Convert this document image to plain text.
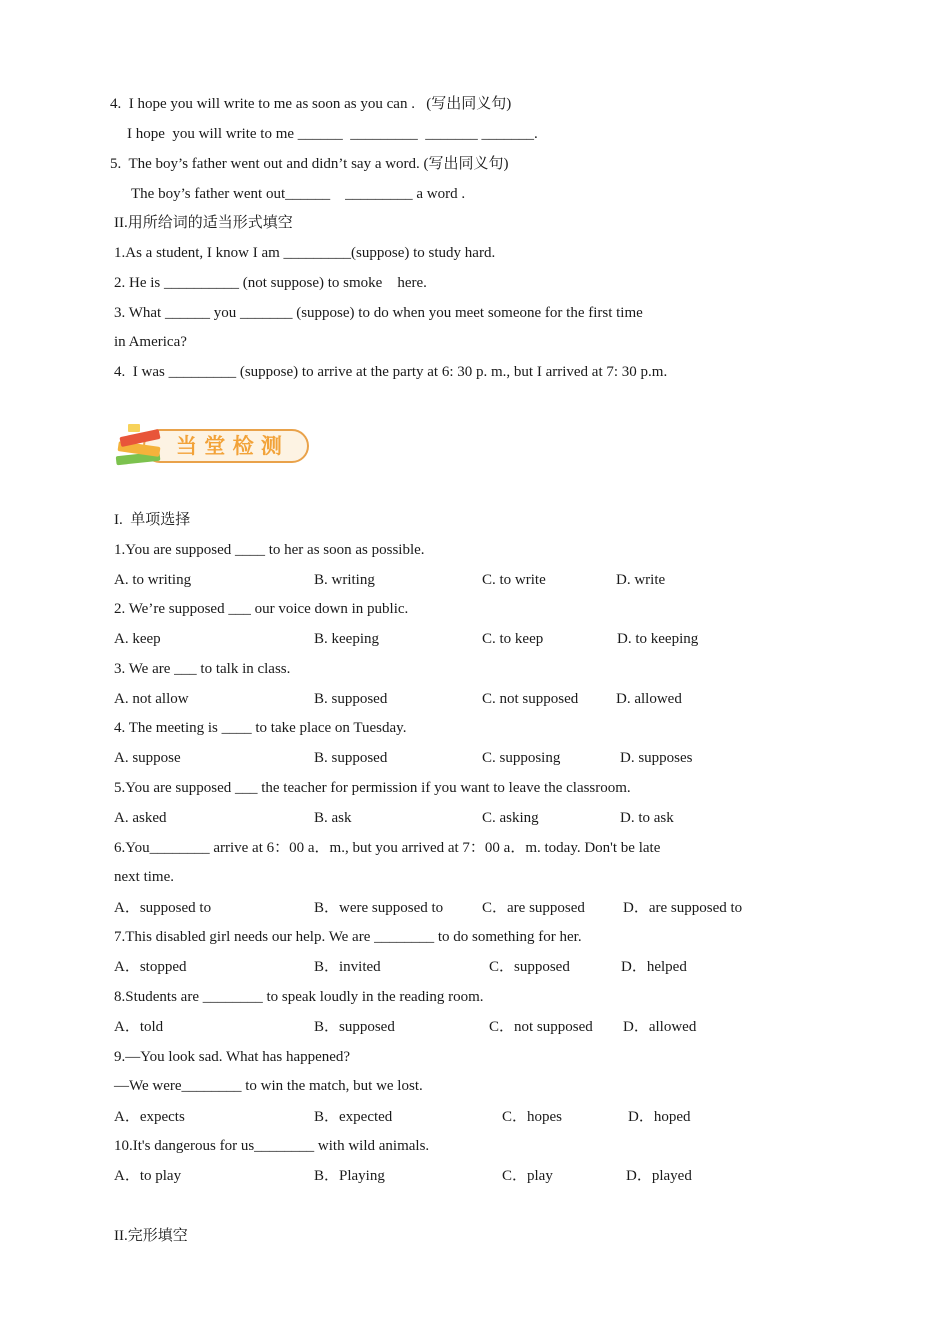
4.  I hope you will write to me as soon as you can .   (写出同义句)
I hope  you will write to me ______  _________  _______ _______.
5.  The boy’s father went out and didn’t say a word. (写出同义句)
The boy’s father went out______    _________ a word .
II.用所给词的适当形式填空
1.As a student, I know I am _________(suppose) to study hard.
2. He is __________ (not suppose) to smoke    here.
3. What ______ you _______ (suppose) to do when you meet someone for the first time
in America?
4.  I was _________ (suppose) to arrive at the party at 6: 30 p. m., but I arrived at 7: 30 p.m.
当 堂 检 测
I.  单项选择
1.You are supposed ____ to her as soon as possible.
A. to writing	B. writing	C. to write	D. write
2. We’re supposed ___ our voice down in public.
A. keep	B. keeping	C. to keep	D. to keeping
3. We are ___ to talk in class.
A. not allow	B. supposed	C. not supposed	D. allowed
4. The meeting is ____ to take place on Tuesday.
A. suppose	B. supposed	C. supposing	D. supposes
5.You are supposed ___ the teacher for permission if you want to leave the classroom.
A. asked	B. ask	C. asking	D. to ask
6.You________ arrive at 6：00 a．m., but you arrived at 7：00 a．m. today. Don't be late
next time.
A．supposed to	B．were supposed to	C．are supposed	D．are supposed to
7.This disabled girl needs our help. We are ________ to do something for her.
A．stopped	B．invited	C．supposed	D．helped
8.Students are ________ to speak loudly in the reading room.
A．told	B．supposed	C．not supposed D．allowed
9.—You look sad. What has happened?
—We were________ to win the match, but we lost.
A．expects	B．expected	C．hopes	D．hoped
10.It's dangerous for us________ with wild animals.
A．to play	B．Playing	C．play	D．played
II.完形填空
